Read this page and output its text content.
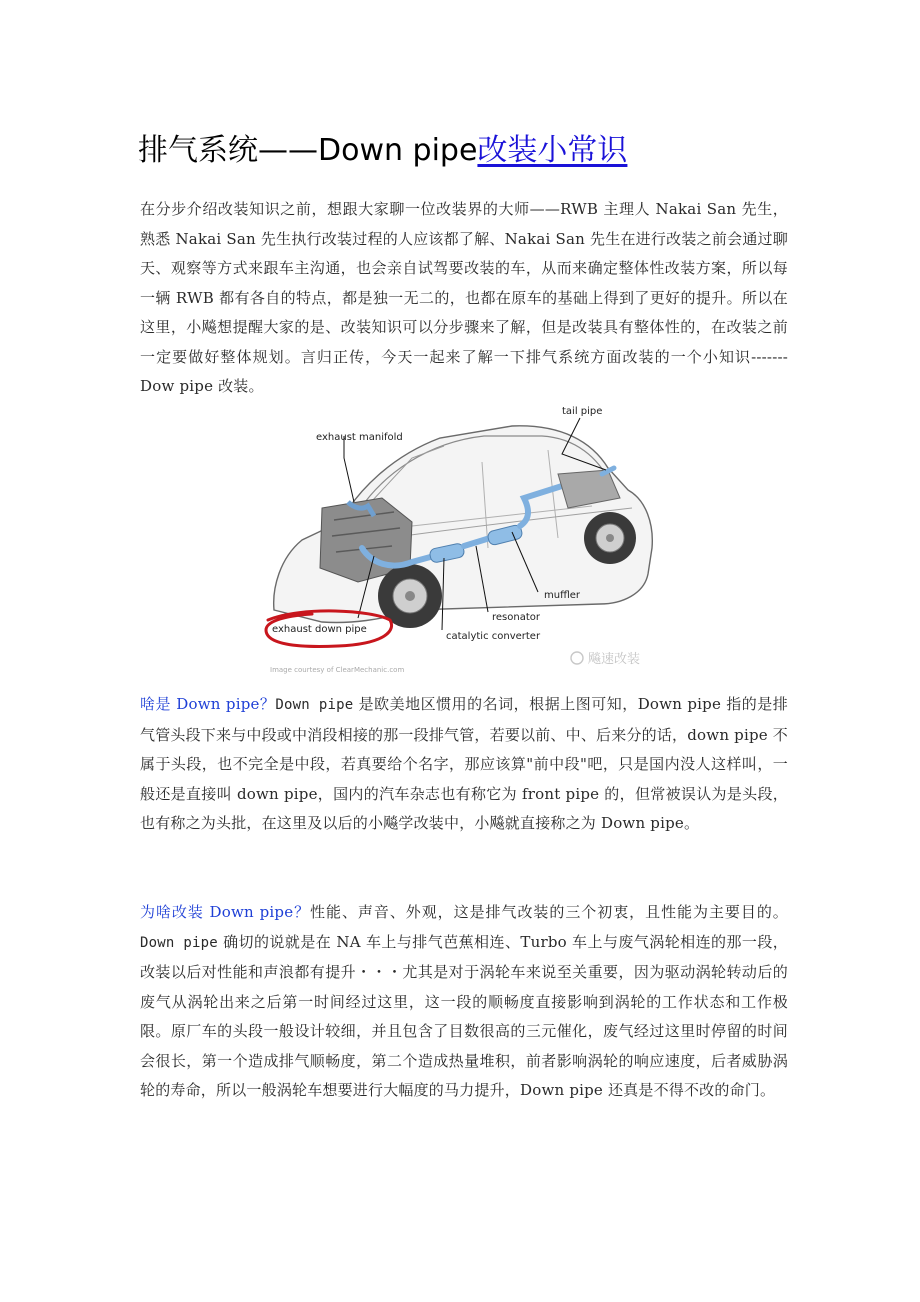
排气系统——Down pipe改装小常识

在分步介绍改装知识之前，想跟大家聊一位改装界的大师——RWB 主理人 Nakai San 先生，熟悉 Nakai San 先生执行改装过程的人应该都了解、Nakai San 先生在进行改装之前会通过聊天、观察等方式来跟车主沟通，也会亲自试驾要改装的车，从而来确定整体性改装方案，所以每一辆 RWB 都有各自的特点，都是独一无二的，也都在原车的基础上得到了更好的提升。所以在这里，小飚想提醒大家的是、改装知识可以分步骤来了解，但是改装具有整体性的，在改装之前一定要做好整体规划。言归正传，今天一起来了解一下排气系统方面改装的一个小知识-------Dow pipe 改装。

exhaust manifold
tail pipe
muffler
resonator
catalytic converter
exhaust down pipe
Image courtesy of ClearMechanic.com
飚速改装

啥是 Down pipe？Down pipe 是欧美地区惯用的名词，根据上图可知，Down pipe 指的是排气管头段下来与中段或中消段相接的那一段排气管，若要以前、中、后来分的话，down pipe 不属于头段，也不完全是中段，若真要给个名字，那应该算"前中段"吧，只是国内没人这样叫，一般还是直接叫 down pipe，国内的汽车杂志也有称它为 front pipe 的，但常被误认为是头段，也有称之为头批，在这里及以后的小飚学改装中，小飚就直接称之为 Down pipe。

为啥改装 Down pipe？性能、声音、外观，这是排气改装的三个初衷，且性能为主要目的。Down pipe 确切的说就是在 NA 车上与排气芭蕉相连、Turbo 车上与废气涡轮相连的那一段，改装以后对性能和声浪都有提升・・・尤其是对于涡轮车来说至关重要，因为驱动涡轮转动后的废气从涡轮出来之后第一时间经过这里，这一段的顺畅度直接影响到涡轮的工作状态和工作极限。原厂车的头段一般设计较细，并且包含了目数很高的三元催化，废气经过这里时停留的时间会很长，第一个造成排气顺畅度，第二个造成热量堆积，前者影响涡轮的响应速度，后者威胁涡轮的寿命，所以一般涡轮车想要进行大幅度的马力提升，Down pipe 还真是不得不改的命门。
